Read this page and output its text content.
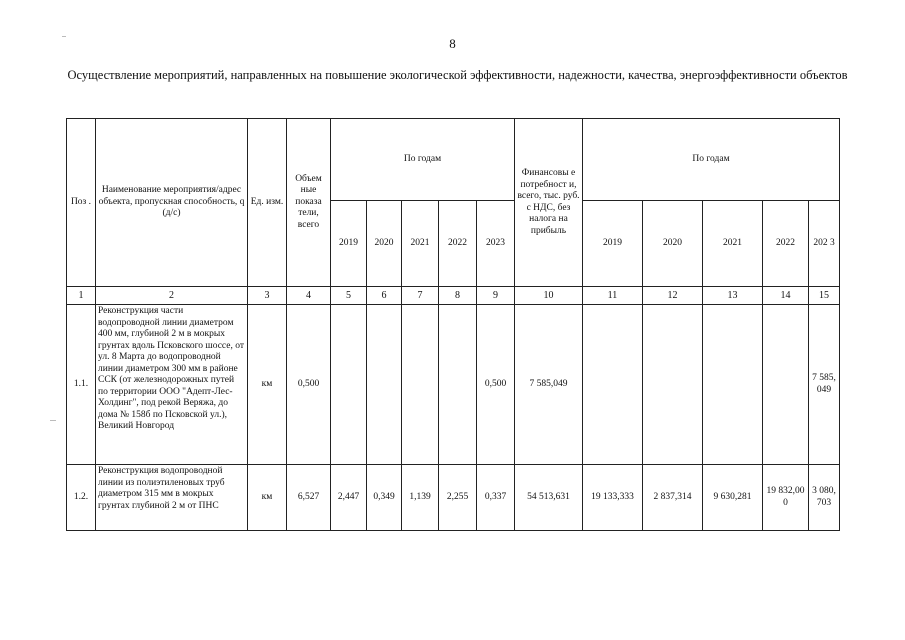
8
Осуществление мероприятий, направленных на повышение экологической эффективности, надежности, качества, энергоэффективности объектов
Поз .	Наименование мероприятия/адрес объекта, пропускная способность, q (д/с)	Ед. изм.	Объем ные показа тели, всего	По годам					Финансовы е потребност и, всего, тыс. руб. с НДС, без налога на прибыль	По годам				
				2019	2020	2021	2022	2023		2019	2020	2021	2022	202 3
1	2	3	4	5	6	7	8	9	10	11	12	13	14	15
1.1.	Реконструкция части водопроводной линии диаметром 400 мм, глубиной 2 м в мокрых грунтах вдоль Псковского шоссе, от ул. 8 Марта до водопроводной линии диаметром 300 мм в районе ССК (от железнодорожных путей по территории ООО "Адепт-Лес-Холдинг", под рекой Веряжа, до дома № 158б по Псковской ул.), Великий Новгород	км	0,500					0,500	7 585,049					7 585, 049
1.2.	Реконструкция водопроводной линии из полиэтиленовых труб диаметром 315 мм в мокрых грунтах глубиной 2 м от ПНС	км	6,527	2,447	0,349	1,139	2,255	0,337	54 513,631	19 133,333	2 837,314	9 630,281	19 832,00 0	3 080, 703
